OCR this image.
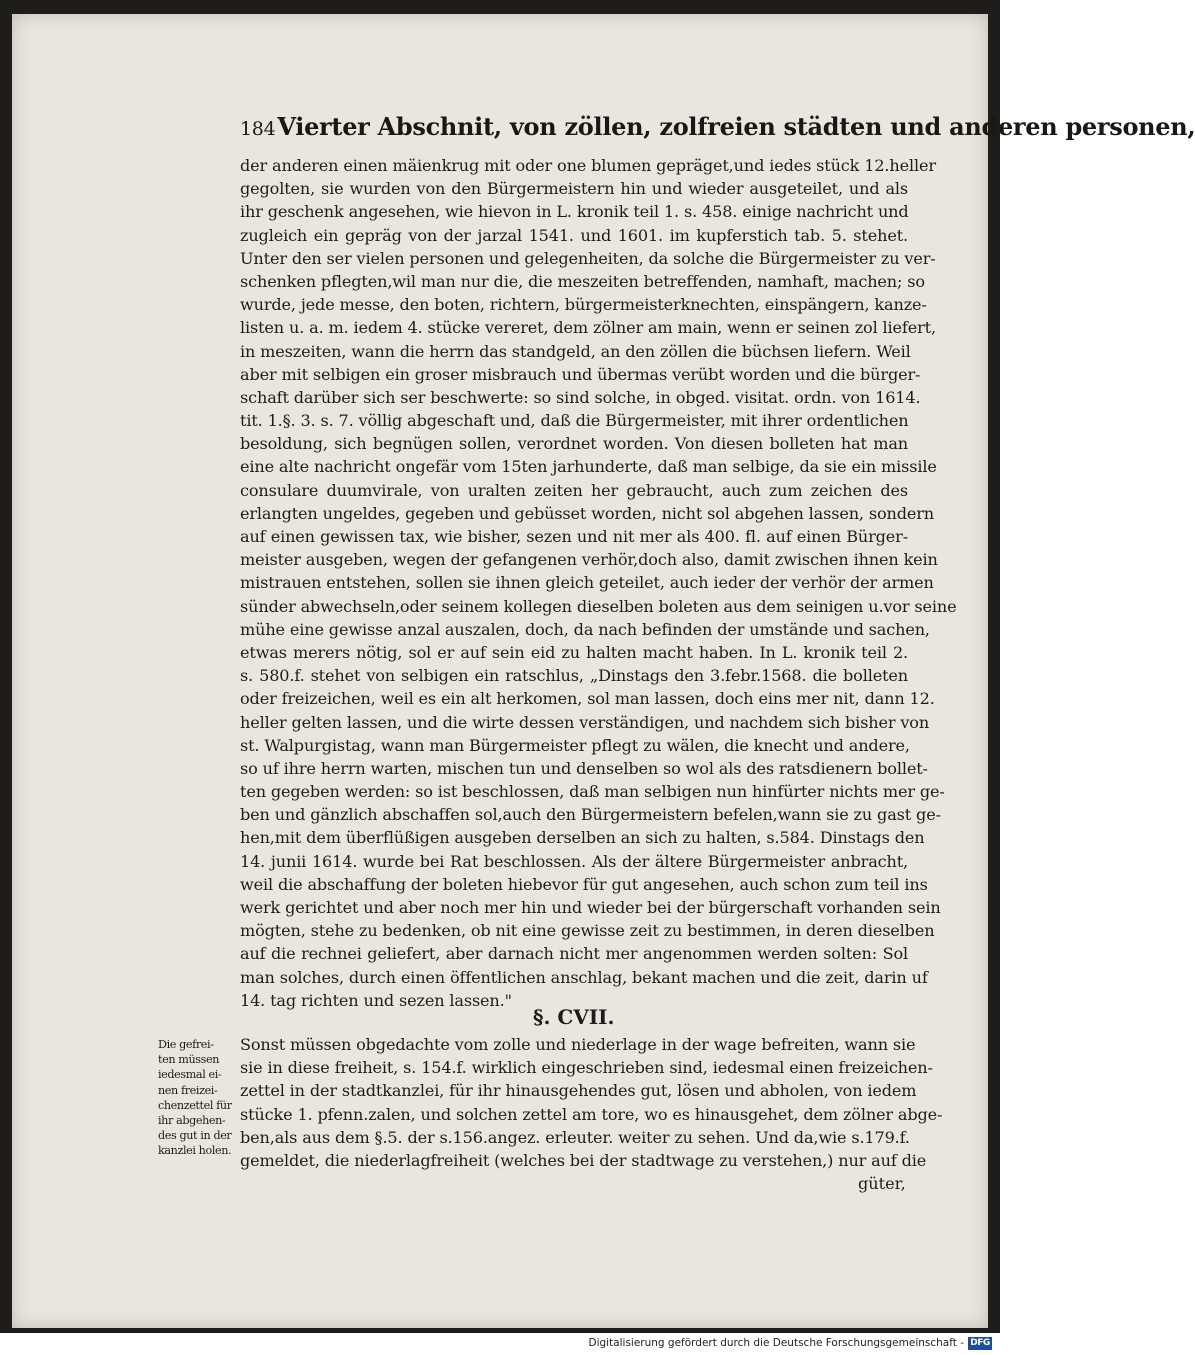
184Vierter Abschnit, von zöllen, zolfreien städten und anderen personen,
der anderen einen mäienkrug mit oder one blumen gepräget,und iedes stück 12.heller
gegolten, sie wurden von den Bürgermeistern hin und wieder ausgeteilet, und als
ihr geschenk angesehen, wie hievon in L. kronik teil 1. s. 458. einige nachricht und
zugleich ein gepräg von der jarzal 1541. und 1601. im kupferstich tab. 5. stehet.
Unter den ser vielen personen und gelegenheiten, da solche die Bürgermeister zu ver-
schenken pflegten,wil man nur die, die meszeiten betreffenden, namhaft, machen; so
wurde, jede messe, den boten, richtern, bürgermeisterknechten, einspängern, kanze-
listen u. a. m. iedem 4. stücke vereret, dem zölner am main, wenn er seinen zol liefert,
in meszeiten, wann die herrn das standgeld, an den zöllen die büchsen liefern. Weil
aber mit selbigen ein groser misbrauch und übermas verübt worden und die bürger-
schaft darüber sich ser beschwerte: so sind solche, in obged. visitat. ordn. von 1614.
tit. 1.§. 3. s. 7. völlig abgeschaft und, daß die Bürgermeister, mit ihrer ordentlichen
besoldung, sich begnügen sollen, verordnet worden. Von diesen bolleten hat man
eine alte nachricht ongefär vom 15ten jarhunderte, daß man selbige, da sie ein missile
consulare duumvirale, von uralten zeiten her gebraucht, auch zum zeichen des
erlangten ungeldes, gegeben und gebüsset worden, nicht sol abgehen lassen, sondern
auf einen gewissen tax, wie bisher, sezen und nit mer als 400. fl. auf einen Bürger-
meister ausgeben, wegen der gefangenen verhör,doch also, damit zwischen ihnen kein
mistrauen entstehen, sollen sie ihnen gleich geteilet, auch ieder der verhör der armen
sünder abwechseln,oder seinem kollegen dieselben boleten aus dem seinigen u.vor seine
mühe eine gewisse anzal auszalen, doch, da nach befinden der umstände und sachen,
etwas merers nötig, sol er auf sein eid zu halten macht haben. In L. kronik teil 2.
s. 580.f. stehet von selbigen ein ratschlus, „Dinstags den 3.febr.1568. die bolleten
oder freizeichen, weil es ein alt herkomen, sol man lassen, doch eins mer nit, dann 12.
heller gelten lassen, und die wirte dessen verständigen, und nachdem sich bisher von
st. Walpurgistag, wann man Bürgermeister pflegt zu wälen, die knecht und andere,
so uf ihre herrn warten, mischen tun und denselben so wol als des ratsdienern bollet-
ten gegeben werden: so ist beschlossen, daß man selbigen nun hinfürter nichts mer ge-
ben und gänzlich abschaffen sol,auch den Bürgermeistern befelen,wann sie zu gast ge-
hen,mit dem überflüßigen ausgeben derselben an sich zu halten, s.584. Dinstags den
14. junii 1614. wurde bei Rat beschlossen. Als der ältere Bürgermeister anbracht,
weil die abschaffung der boleten hiebevor für gut angesehen, auch schon zum teil ins
werk gerichtet und aber noch mer hin und wieder bei der bürgerschaft vorhanden sein
mögten, stehe zu bedenken, ob nit eine gewisse zeit zu bestimmen, in deren dieselben
auf die rechnei geliefert, aber darnach nicht mer angenommen werden solten: Sol
man solches, durch einen öffentlichen anschlag, bekant machen und die zeit, darin uf
14. tag richten und sezen lassen."
§. CVII.
Sonst müssen obgedachte vom zolle und niederlage in der wage befreiten, wann sie
sie in diese freiheit, s. 154.f. wirklich eingeschrieben sind, iedesmal einen freizeichen-
zettel in der stadtkanzlei, für ihr hinausgehendes gut, lösen und abholen, von iedem
stücke 1. pfenn.zalen, und solchen zettel am tore, wo es hinausgehet, dem zölner abge-
ben,als aus dem §.5. der s.156.angez. erleuter. weiter zu sehen. Und da,wie s.179.f.
gemeldet, die niederlagfreiheit (welches bei der stadtwage zu verstehen,) nur auf die
Die gefrei-
ten müssen
iedesmal ei-
nen freizei-
chenzettel für
ihr abgehen-
des gut in der
kanzlei holen.
güter,
Digitalisierung gefördert durch die Deutsche Forschungsgemeinschaft - DFG
